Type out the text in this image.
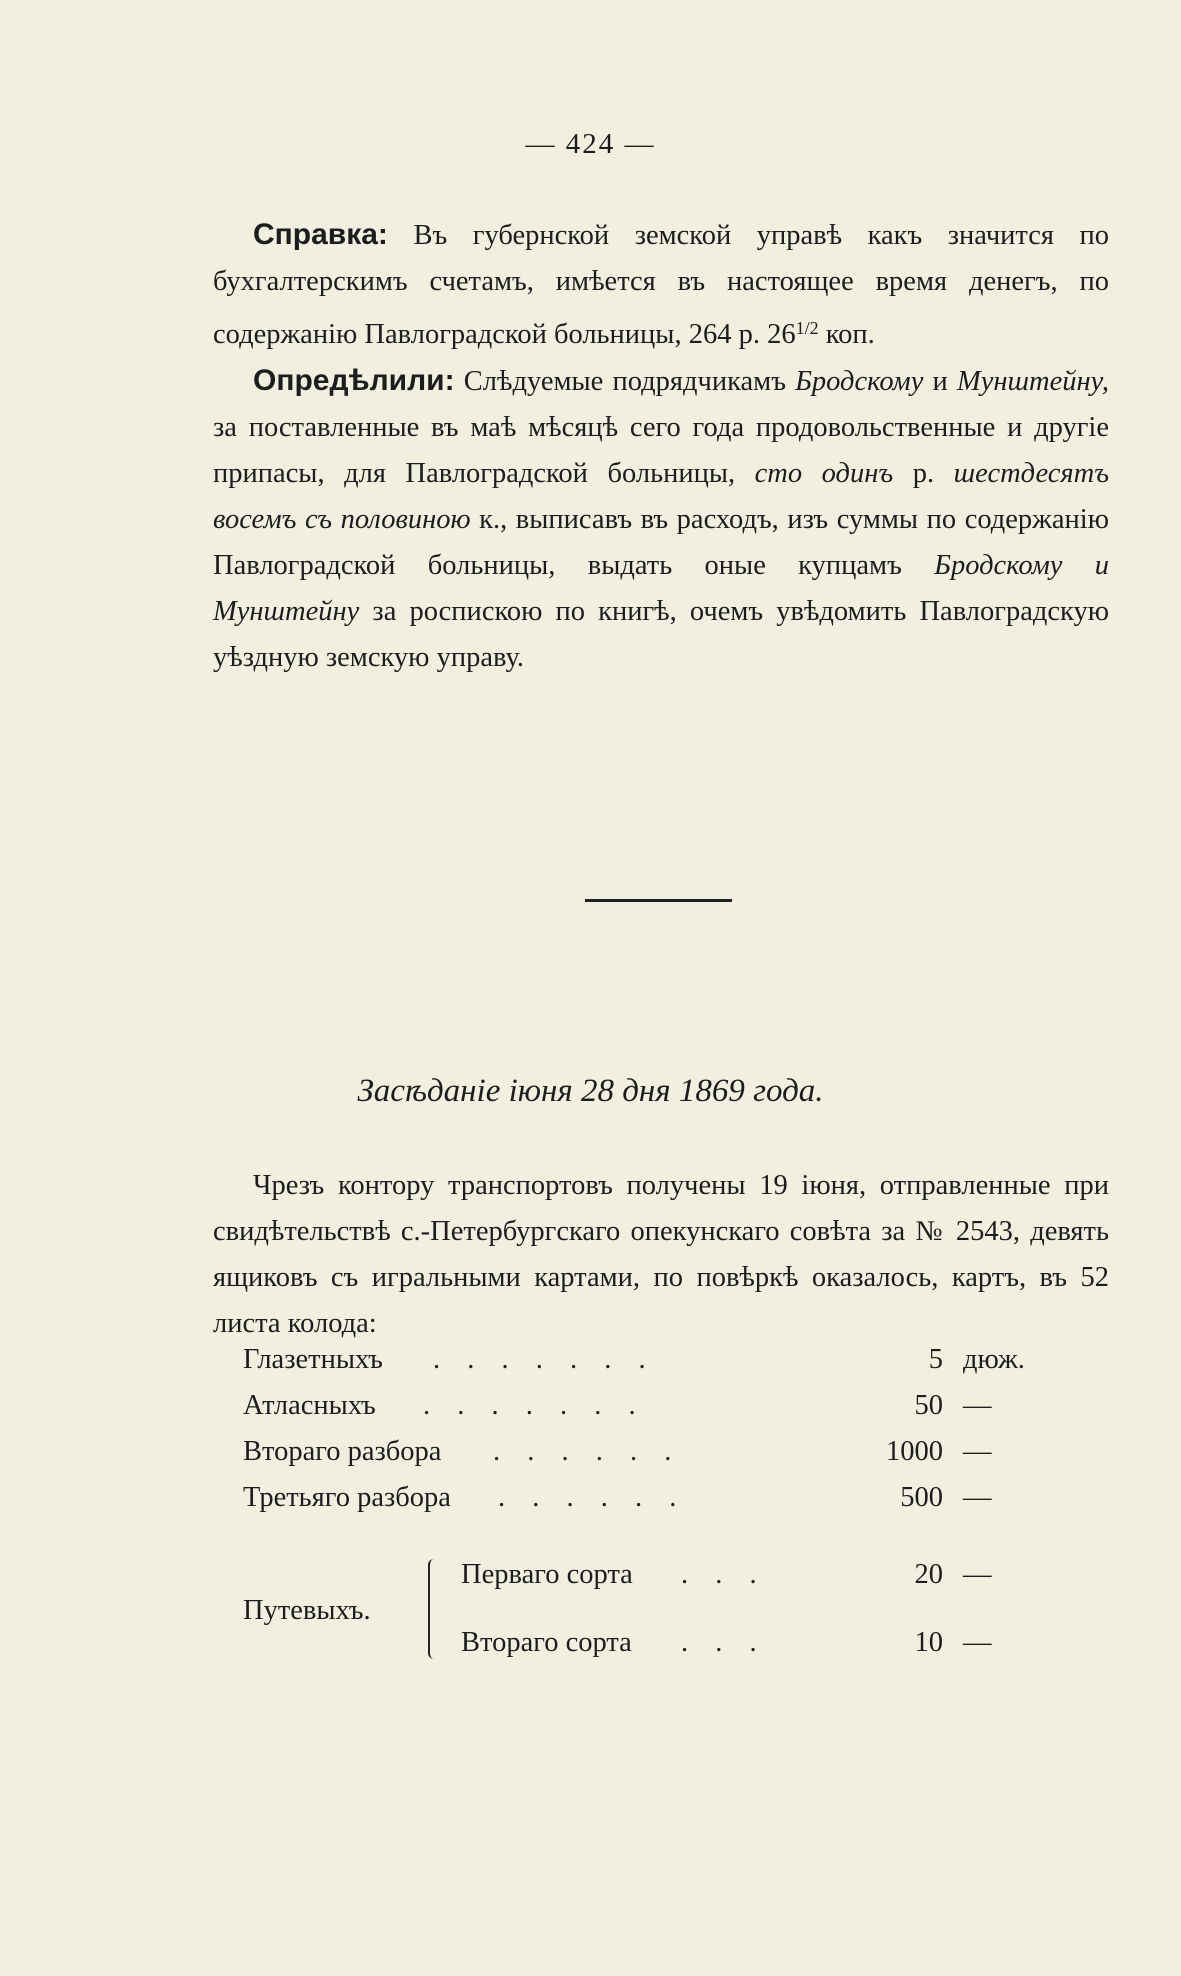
— 424 —

Справка: Въ губернской земской управѣ какъ значится по бухгалтерскимъ счетамъ, имѣется въ настоящее время денегъ, по содержанію Павлоградской больницы, 264 р. $26^{1/2}$ коп.

Опредѣлили: Слѣдуемые подрядчикамъ Бродскому и Мунштейну, за поставленные въ маѣ мѣсяцѣ сего года продовольственные и другіе припасы, для Павлоградской больницы, сто одинъ р. шестдесятъ восемъ съ половиною к., выписавъ въ расходъ, изъ суммы по содержанію Павлоградской больницы, выдать оные купцамъ Бродскому и Мунштейну за роспискою по книгѣ, очемъ увѣдомить Павлоградскую уѣздную земскую управу.

Засѣданіе іюня 28 дня 1869 года.

Чрезъ контору транспортовъ получены 19 іюня, отправленные при свидѣтельствѣ с.-Петербургскаго опекунскаго совѣта за № 2543, девять ящиковъ съ игральными картами, по повѣркѣ оказалось, картъ, въ 52 листа колода:

Глазетныхъ . . . . . . .	5 дюж.
Атласныхъ . . . . . . .	50 —
Втораго разбора . . . . . .	1000 —
Третьяго разбора . . . . . .	500 —
Путевыхъ.
Перваго сорта . . .	20 —
Втораго сорта . . .	10 —
